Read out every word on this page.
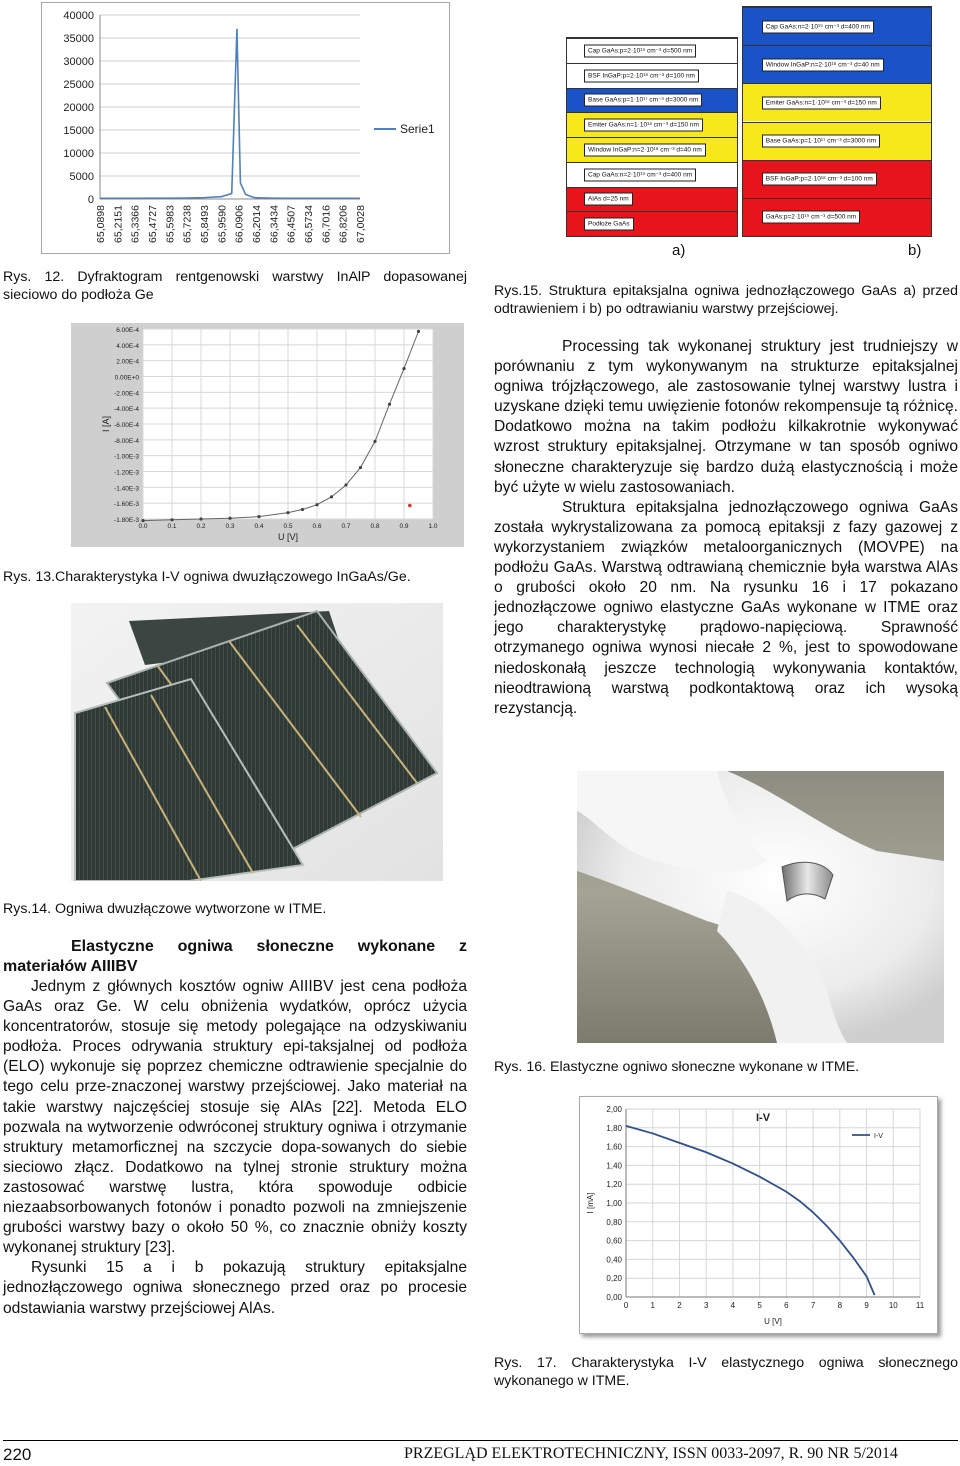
0
5000
10000
15000
20000
25000
30000
35000
40000
65,0898 65,2151 65,3366 65,4727 65,5983 65,7238 65,8493 65,9590 66,0906 66,2014 66,3434 66,4507 66,5734 66,7016 66,8206 67,0028
Serie1
Rys. 12. Dyfraktogram rentgenowski warstwy InAlP dopasowanej sieciowo do podłoża Ge
Cap GaAs:p=2·10¹⁹ cm⁻³ d=500 nm
BSF InGaP:p=2·10¹⁸ cm⁻³ d=100 nm
Base GaAs:p=1·10¹⁷ cm⁻³ d=3000 nm
Emiter GaAs:n=1·10¹⁸ cm⁻³ d=150 nm
Window InGaP:n=2·10¹⁸ cm⁻³ d=40 nm
Cap GaAs:n=2·10¹⁹ cm⁻³ d=400 nm
AlAs d=25 nm
Podłoże GaAs
Cap GaAs:n=2·10¹⁹ cm⁻³ d=400 nm
Window InGaP:n=2·10¹⁸ cm⁻³ d=40 nm
Emiter GaAs:n=1·10¹⁸ cm⁻³ d=150 nm
Base GaAs:p=1·10¹⁷ cm⁻³ d=3000 nm
BSF InGaP:p=2·10¹⁸ cm⁻³ d=100 nm
GaAs:p=2·10¹⁹ cm⁻³ d=500 nm
a)	b)
Rys.15. Struktura epitaksjalna ogniwa jednozłączowego GaAs a) przed odtrawieniem i b) po odtrawianiu warstwy przejściowej.
6.00E-4
4.00E-4
2.00E-4
0.00E+0
-2.00E-4
-4.00E-4
-6.00E-4
-8.00E-4
-1.00E-3
-1.20E-3
-1.40E-3
-1.60E-3
-1.80E-3
0.0	0.1	0.2	0.3	0.4	0.5	0.6	0.7	0.8	0.9	1.0
U [V]
I [A]
Rys. 13.Charakterystyka I-V ogniwa dwuzłączowego InGaAs/Ge.

Processing tak wykonanej struktury jest trudniejszy w porównaniu z tym wykonywanym na strukturze epitaksjalnej ogniwa trójzłączowego, ale zastosowanie tylnej warstwy lustra i uzyskane dzięki temu uwięzienie fotonów rekompensuje tą różnicę. Dodatkowo można na takim podłożu kilkakrotnie wykonywać wzrost struktury epitaksjalnej. Otrzymane w tan sposób ogniwo słoneczne charakteryzuje się bardzo dużą elastycznością i może być użyte w wielu zastosowaniach.

Struktura epitaksjalna jednozłączowego ogniwa GaAs została wykrystalizowana za pomocą epitaksji z fazy gazowej z wykorzystaniem związków metaloorganicznych (MOVPE) na podłożu GaAs. Warstwą odtrawianą chemicznie była warstwa AlAs o grubości około 20 nm. Na rysunku 16 i 17 pokazano jednozłączowe ogniwo elastyczne GaAs wykonane w ITME oraz jego charakterystykę prądowo-napięciową. Sprawność otrzymanego ogniwa wynosi niecałe 2 %, jest to spowodowane niedoskonałą jeszcze technologią wykonywania kontaktów, nieodtrawioną warstwą podkontaktową oraz ich wysoką rezystancją.

Rys.14. Ogniwa dwuzłączowe wytworzone w ITME.
Rys. 16. Elastyczne ogniwo słoneczne wykonane w ITME.

Elastyczne ogniwa słoneczne wykonane z materiałów AIIIBV

Jednym z głównych kosztów ogniw AIIIBV jest cena podłoża GaAs oraz Ge. W celu obniżenia wydatków, oprócz użycia koncentratorów, stosuje się metody polegające na odzyskiwaniu podłoża. Proces odrywania struktury epi-taksjalnej od podłoża (ELO) wykonuje się poprzez chemiczne odtrawienie specjalnie do tego celu prze-znaczonej warstwy przejściowej. Jako materiał na takie warstwy najczęściej stosuje się AlAs [22]. Metoda ELO pozwala na wytworzenie odwróconej struktury ogniwa i otrzymanie struktury metamorficznej na szczycie dopa-sowanych do siebie sieciowo złącz. Dodatkowo na tylnej stronie struktury można zastosować warstwę lustra, która spowoduje odbicie niezaabsorbowanych fotonów i ponadto pozwoli na zmniejszenie grubości warstwy bazy o około 50 %, co znacznie obniży koszty wykonanej struktury [23].

Rysunki 15 a i b pokazują struktury epitaksjalne jednozłączowego ogniwa słonecznego przed oraz po procesie odstawiania warstwy przejściowej AlAs.

2,00
1,80
1,60
1,40
1,20
1,00
0,80
0,60
0,40
0,20
0,00
0	1	2	3	4	5	6	7	8	9	10 11
I-V
U [V]
I [mA]
I-V
Rys. 17. Charakterystyka I-V elastycznego ogniwa słonecznego wykonanego w ITME.
220	PRZEGLĄD ELEKTROTECHNICZNY, ISSN 0033-2097, R. 90 NR 5/2014
